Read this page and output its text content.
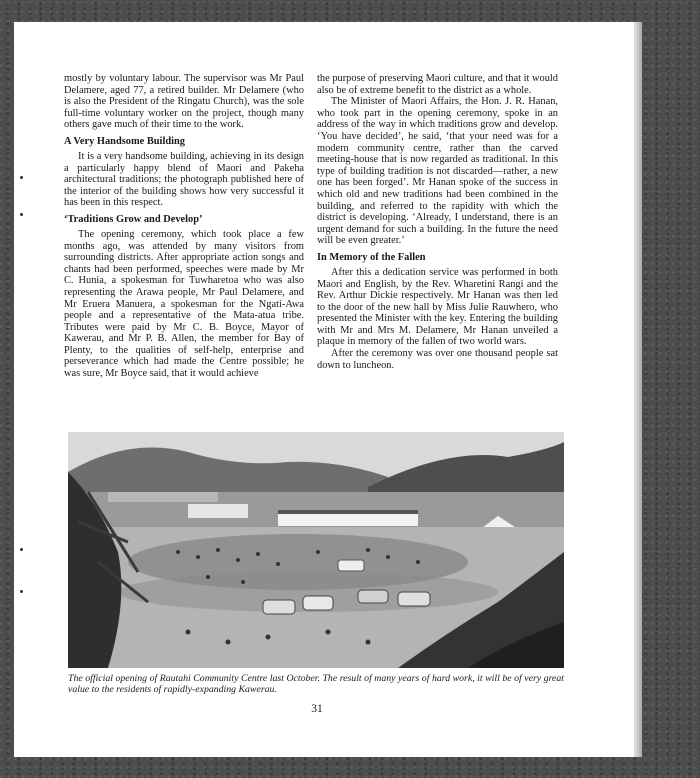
mostly by voluntary labour. The supervisor was Mr Paul Delamere, aged 77, a retired builder. Mr Delamere (who is also the President of the Ringatu Church), was the sole full-time voluntary worker on the project, though many others gave much of their time to the work.

A Very Handsome Building

It is a very handsome building, achieving in its design a particularly happy blend of Maori and Pakeha architectural traditions; the photograph published here of the interior of the building shows how very successful it has been in this respect.

‘Traditions Grow and Develop’

The opening ceremony, which took place a few months ago, was attended by many visitors from surrounding districts. After appropriate action songs and chants had been performed, speeches were made by Mr C. Hunia, a spokesman for Tuwharetoa who was also representing the Arawa people, Mr Paul Delamere, and Mr Eruera Manuera, a spokesman for the Ngati-Awa people and a representative of the Mata-atua tribe. Tributes were paid by Mr C. B. Boyce, Mayor of Kawerau, and Mr P. B. Allen, the member for Bay of Plenty, to the qualities of self-help, enterprise and perseverance which had made the Centre possible; he was sure, Mr Boyce said, that it would achieve

the purpose of preserving Maori culture, and that it would also be of extreme benefit to the district as a whole.

The Minister of Maori Affairs, the Hon. J. R. Hanan, who took part in the opening ceremony, spoke in an address of the way in which traditions grow and develop. ‘You have decided’, he said, ‘that your need was for a modern community centre, rather than the carved meeting-house that is now regarded as traditional. In this type of building tradition is not discarded—rather, a new one has been forged’. Mr Hanan spoke of the success in which old and new traditions had been combined in the building, and referred to the rapidity with which the district is developing. ‘Already, I understand, there is an urgent demand for such a building. In the future the need will be even greater.’

In Memory of the Fallen

After this a dedication service was performed in both Maori and English, by the Rev. Wharetini Rangi and the Rev. Arthur Dickie respectively. Mr Hanan was then led to the door of the new hall by Miss Julie Rauwhero, who presented the Minister with the key. Entering the building with Mr and Mrs M. Delamere, Mr Hanan unveiled a plaque in memory of the fallen of two world wars.

After the ceremony was over one thousand people sat down to luncheon.

The official opening of Rautahi Community Centre last October. The result of many years of hard work, it will be of very great value to the residents of rapidly-expanding Kawerau.
31
